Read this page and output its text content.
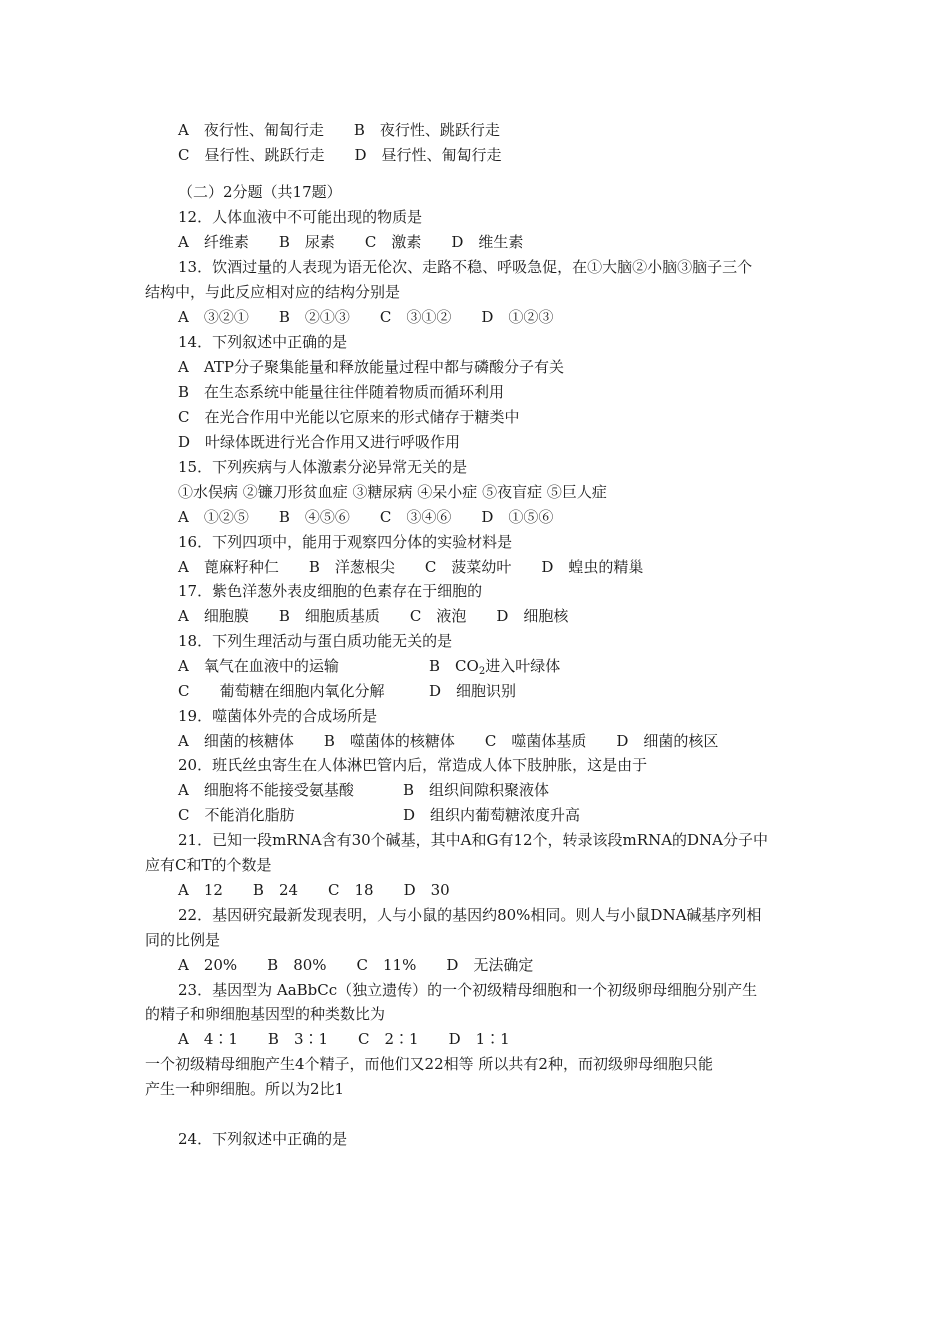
A　夜行性、匍匐行走　　B　夜行性、跳跃行走
C　昼行性、跳跃行走　　D　昼行性、匍匐行走
（二）2分题（共17题）
12．人体血液中不可能出现的物质是
A　纤维素　　B　尿素　　C　激素　　D　维生素
13．饮酒过量的人表现为语无伦次、走路不稳、呼吸急促，在①大脑②小脑③脑子三个
结构中，与此反应相对应的结构分别是
A　③②①　　B　②①③　　C　③①②　　D　①②③
14．下列叙述中正确的是
A　ATP分子聚集能量和释放能量过程中都与磷酸分子有关
B　在生态系统中能量往往伴随着物质而循环利用
C　在光合作用中光能以它原来的形式储存于糖类中
D　叶绿体既进行光合作用又进行呼吸作用
15．下列疾病与人体激素分泌异常无关的是
①水俣病 ②镰刀形贫血症 ③糖尿病 ④呆小症 ⑤夜盲症 ⑤巨人症
A　①②⑤　　B　④⑤⑥　　C　③④⑥　　D　①⑤⑥
16．下列四项中，能用于观察四分体的实验材料是
A　蓖麻籽种仁　　B　洋葱根尖　　C　菠菜幼叶　　D　蝗虫的精巢
17．紫色洋葱外表皮细胞的色素存在于细胞的
A　细胞膜　　B　细胞质基质　　C　液泡　　D　细胞核
18．下列生理活动与蛋白质功能无关的是
A　氧气在血液中的运输	B　$CO_2$进入叶绿体
C　　葡萄糖在细胞内氧化分解	D　细胞识别
19．噬菌体外壳的合成场所是
A　细菌的核糖体　　B　噬菌体的核糖体　　C　噬菌体基质　　D　细菌的核区
20．班氏丝虫寄生在人体淋巴管内后，常造成人体下肢肿胀，这是由于
A　细胞将不能接受氨基酸	B　组织间隙积聚液体
C　不能消化脂肪	D　组织内葡萄糖浓度升高
21．已知一段mRNA含有30个碱基，其中A和G有12个，转录该段mRNA的DNA分子中
应有C和T的个数是
A　12　　B　24　　C　18　　D　30
22．基因研究最新发现表明，人与小鼠的基因约80%相同。则人与小鼠DNA碱基序列相
同的比例是
A　20%　　B　80%　　C　11%　　D　无法确定
23．基因型为 AaBbCc（独立遗传）的一个初级精母细胞和一个初级卵母细胞分别产生
的精子和卵细胞基因型的种类数比为
A　4∶1　　B　3∶1　　C　2∶1　　D　1∶1
一个初级精母细胞产生4个精子，而他们又22相等 所以共有2种，而初级卵母细胞只能
产生一种卵细胞。所以为2比1
24．下列叙述中正确的是
